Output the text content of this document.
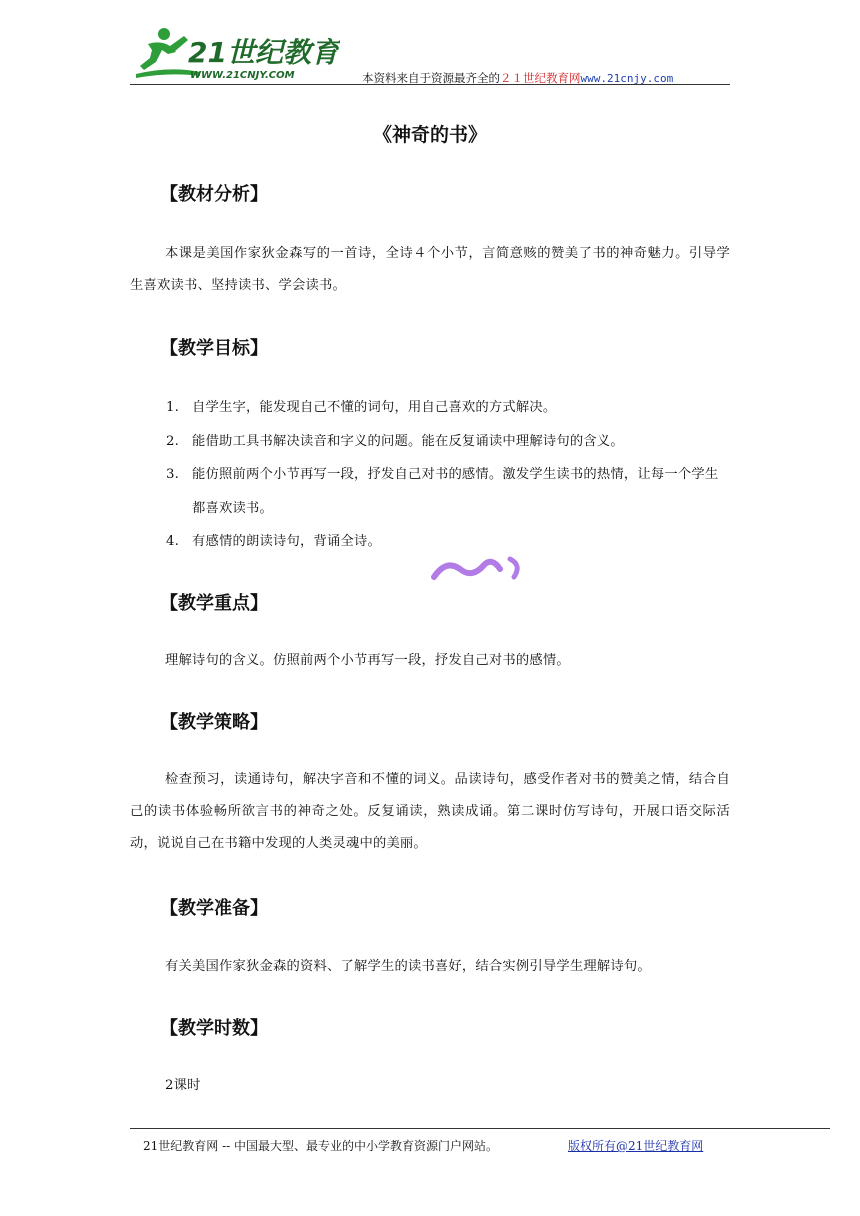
21世纪教育
WWW.21CNJY.COM	本资料来自于资源最齐全的２１世纪教育网www.21cnjy.com
《神奇的书》
【教材分析】
本课是美国作家狄金森写的一首诗，全诗４个小节，言简意赅的赞美了书的神奇魅力。引导学生喜欢读书、坚持读书、学会读书。
【教学目标】
1. 自学生字，能发现自己不懂的词句，用自己喜欢的方式解决。
2. 能借助工具书解决读音和字义的问题。能在反复诵读中理解诗句的含义。
3. 能仿照前两个小节再写一段，抒发自己对书的感情。激发学生读书的热情，让每一个学生都喜欢读书。
4. 有感情的朗读诗句，背诵全诗。
【教学重点】
理解诗句的含义。仿照前两个小节再写一段，抒发自己对书的感情。
【教学策略】
检查预习，读通诗句，解决字音和不懂的词义。品读诗句，感受作者对书的赞美之情，结合自己的读书体验畅所欲言书的神奇之处。反复诵读，熟读成诵。第二课时仿写诗句，开展口语交际活动，说说自己在书籍中发现的人类灵魂中的美丽。
【教学准备】
有关美国作家狄金森的资料、了解学生的读书喜好，结合实例引导学生理解诗句。
【教学时数】
2课时
21世纪教育网 -- 中国最大型、最专业的中小学教育资源门户网站。	版权所有@21世纪教育网
